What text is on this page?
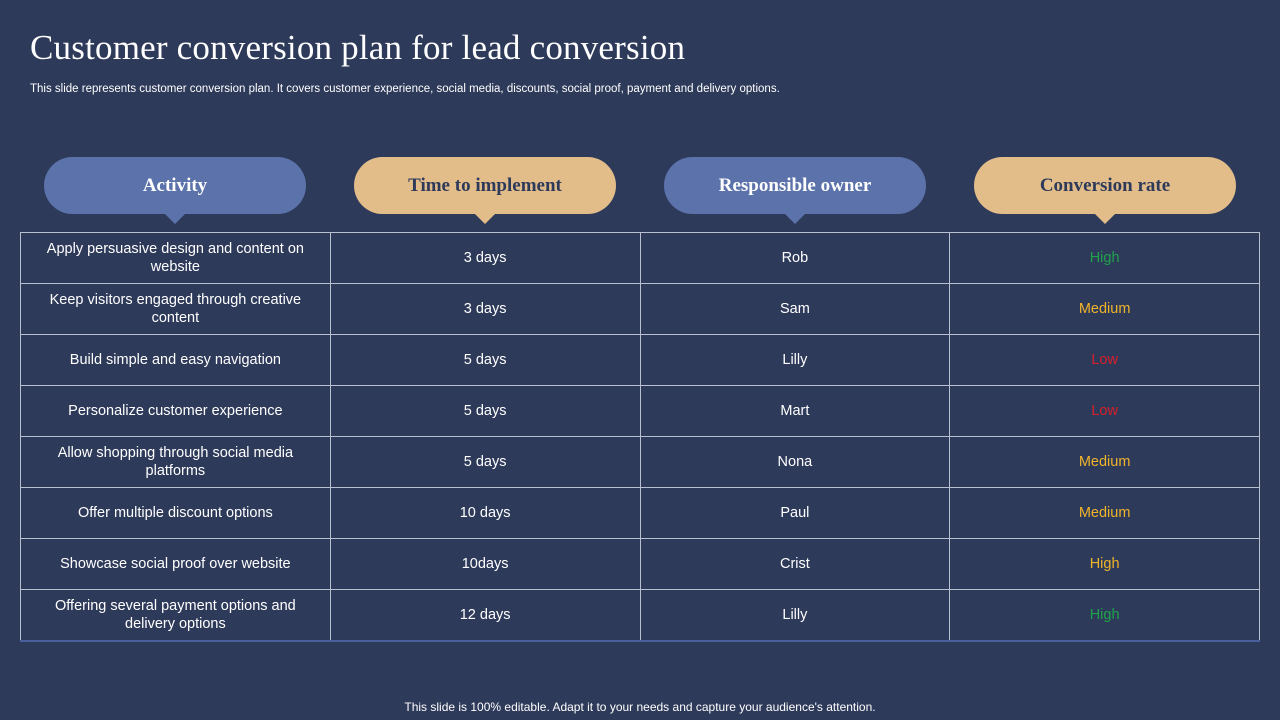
Customer conversion plan for lead conversion
This slide represents customer conversion plan. It covers customer experience, social media, discounts, social proof, payment and delivery options.
Activity	Time to implement	Responsible owner	Conversion rate
Apply persuasive design and content on website	3 days	Rob	High
Keep visitors engaged through creative content	3 days	Sam	Medium
Build simple and easy navigation	5 days	Lilly	Low
Personalize customer experience	5 days	Mart	Low
Allow shopping through social media platforms	5 days	Nona	Medium
Offer multiple discount options	10 days	Paul	Medium
Showcase social proof over website	10days	Crist	High
Offering several payment options and delivery options	12 days	Lilly	High
This slide is 100% editable. Adapt it to your needs and capture your audience's attention.
